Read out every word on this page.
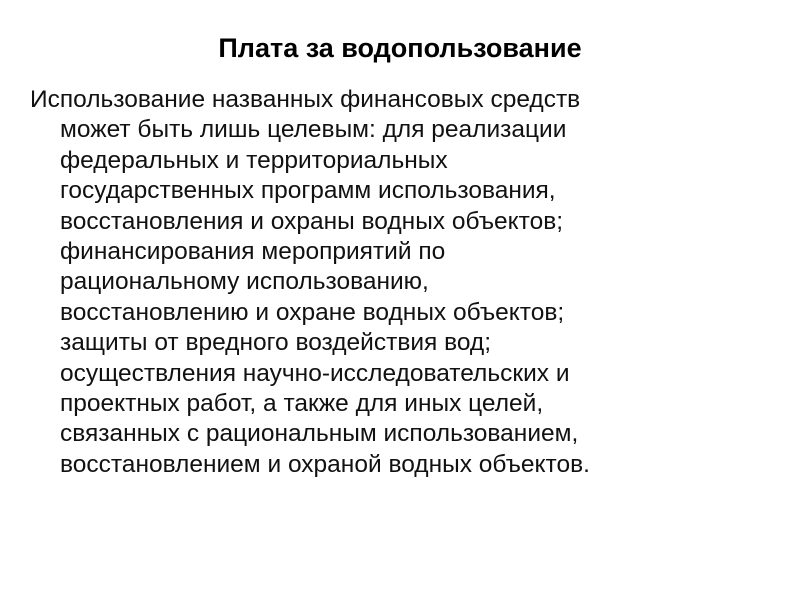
Плата за водопользование
Использование названных финансовых средств
может быть лишь целевым: для реализации
федеральных и территориальных
государственных программ использования,
восстановления и охраны водных объектов;
финансирования мероприятий по
рациональному использованию,
восстановлению и охране водных объектов;
защиты от вредного воздействия вод;
осуществления научно-исследовательских и
проектных работ, а также для иных целей,
связанных с рациональным использованием,
восстановлением и охраной водных объектов.
